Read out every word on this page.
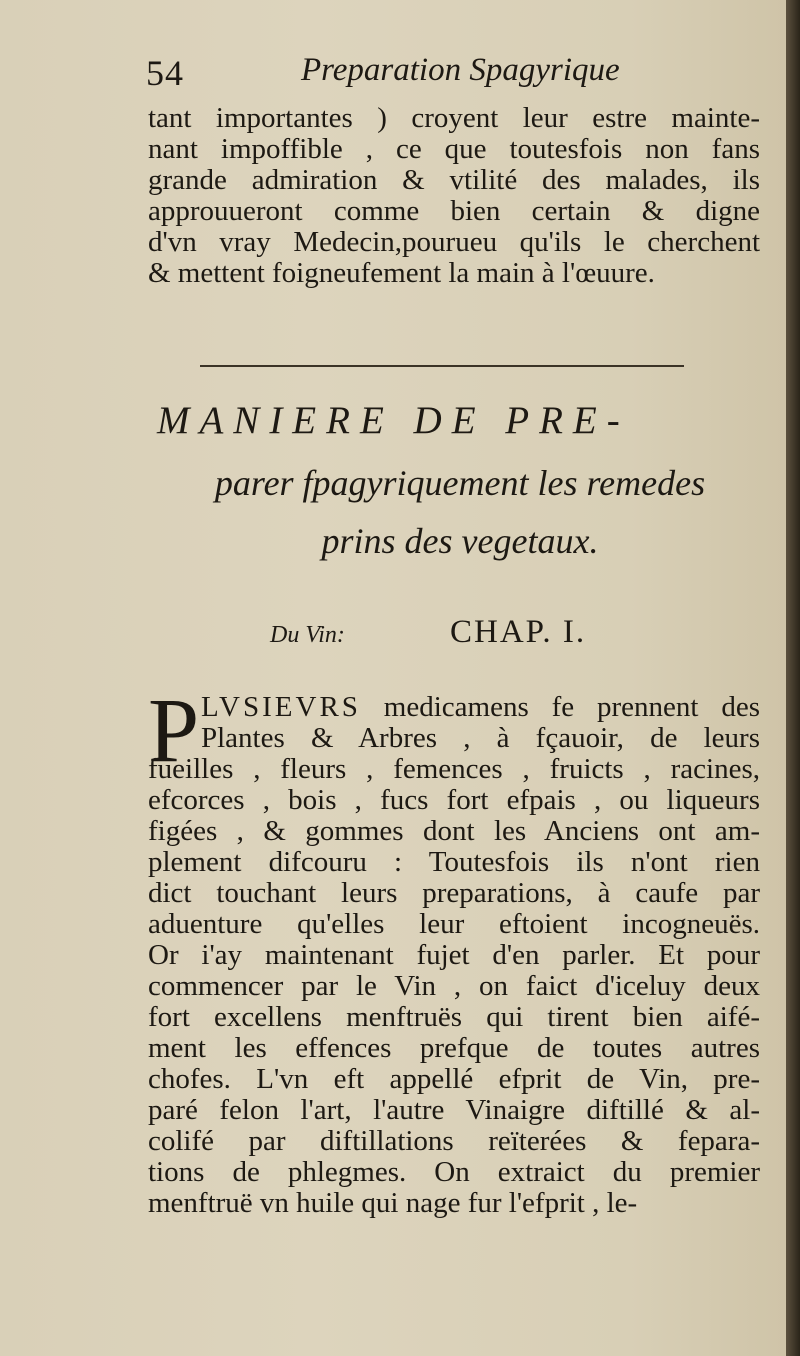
54	Preparation Spagyrique
tant importantes ) croyent leur estre mainte-
nant impoffible , ce que toutesfois non fans
grande admiration & vtilité des malades, ils
approuueront comme bien certain & digne
d'vn vray Medecin,pourueu qu'ils le cherchent
& mettent foigneufement la main à l'œuure.
MANIERE DE PRE-
parer fpagyriquement les remedes
prins des vegetaux.
Du Vin:	CHAP. I.
P LVSIEVRS medicamens fe prennent des
Plantes & Arbres , à fçauoir, de leurs
fueilles , fleurs , femences , fruicts , racines,
efcorces , bois , fucs fort efpais , ou liqueurs
figées , & gommes dont les Anciens ont am-
plement difcouru : Toutesfois ils n'ont rien
dict touchant leurs preparations, à caufe par
aduenture qu'elles leur eftoient incogneuës.
Or i'ay maintenant fujet d'en parler. Et pour
commencer par le Vin , on faict d'iceluy deux
fort excellens menftruës qui tirent bien aifé-
ment les effences prefque de toutes autres
chofes. L'vn eft appellé efprit de Vin, pre-
paré felon l'art, l'autre Vinaigre diftillé & al-
colifé par diftillations reïterées & fepara-
tions de phlegmes. On extraict du premier
menftruë vn huile qui nage fur l'efprit , le-
